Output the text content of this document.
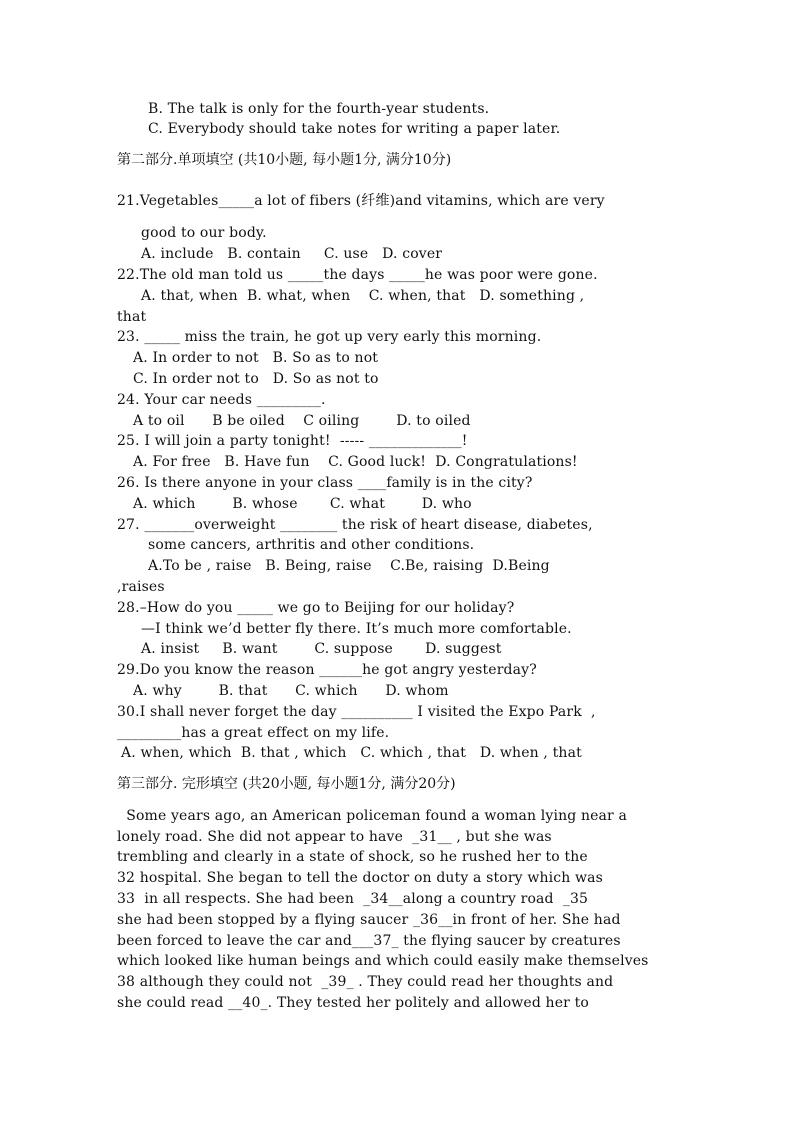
B. The talk is only for the fourth-year students.
C. Everybody should take notes for writing a paper later.
第二部分.单项填空 (共10小题, 每小题1分, 满分10分)
21.Vegetables_____a lot of fibers (纤维)and vitamins, which are very
good to our body.
A. include   B. contain     C. use   D. cover
22.The old man told us _____the days _____he was poor were gone.
A. that, when  B. what, when    C. when, that   D. something ,
that
23. _____ miss the train, he got up very early this morning.
A. In order to not   B. So as to not
C. In order not to   D. So as not to
24. Your car needs _________.
A to oil      B be oiled    C oiling        D. to oiled
25. I will join a party tonight!  ----- _____________!
A. For free   B. Have fun    C. Good luck!  D. Congratulations!
26. Is there anyone in your class ____family is in the city?
A. which        B. whose       C. what        D. who
27. _______overweight ________ the risk of heart disease, diabetes,
some cancers, arthritis and other conditions.
A.To be , raise   B. Being, raise    C.Be, raising  D.Being
,raises
28.–How do you _____ we go to Beijing for our holiday?
—I think we’d better fly there. It’s much more comfortable.
A. insist     B. want        C. suppose       D. suggest
29.Do you know the reason ______he got angry yesterday?
A. why        B. that      C. which      D. whom
30.I shall never forget the day __________ I visited the Expo Park  ,
_________has a great effect on my life.
A. when, which  B. that , which   C. which , that   D. when , that
第三部分. 完形填空 (共20小题, 每小题1分, 满分20分)
Some years ago, an American policeman found a woman lying near a
lonely road. She did not appear to have  _31__ , but she was
trembling and clearly in a state of shock, so he rushed her to the
32 hospital. She began to tell the doctor on duty a story which was
33  in all respects. She had been  _34__along a country road  _35
she had been stopped by a flying saucer _36__in front of her. She had
been forced to leave the car and___37_ the flying saucer by creatures
which looked like human beings and which could easily make themselves
38 although they could not  _39_ . They could read her thoughts and
she could read __40_. They tested her politely and allowed her to
